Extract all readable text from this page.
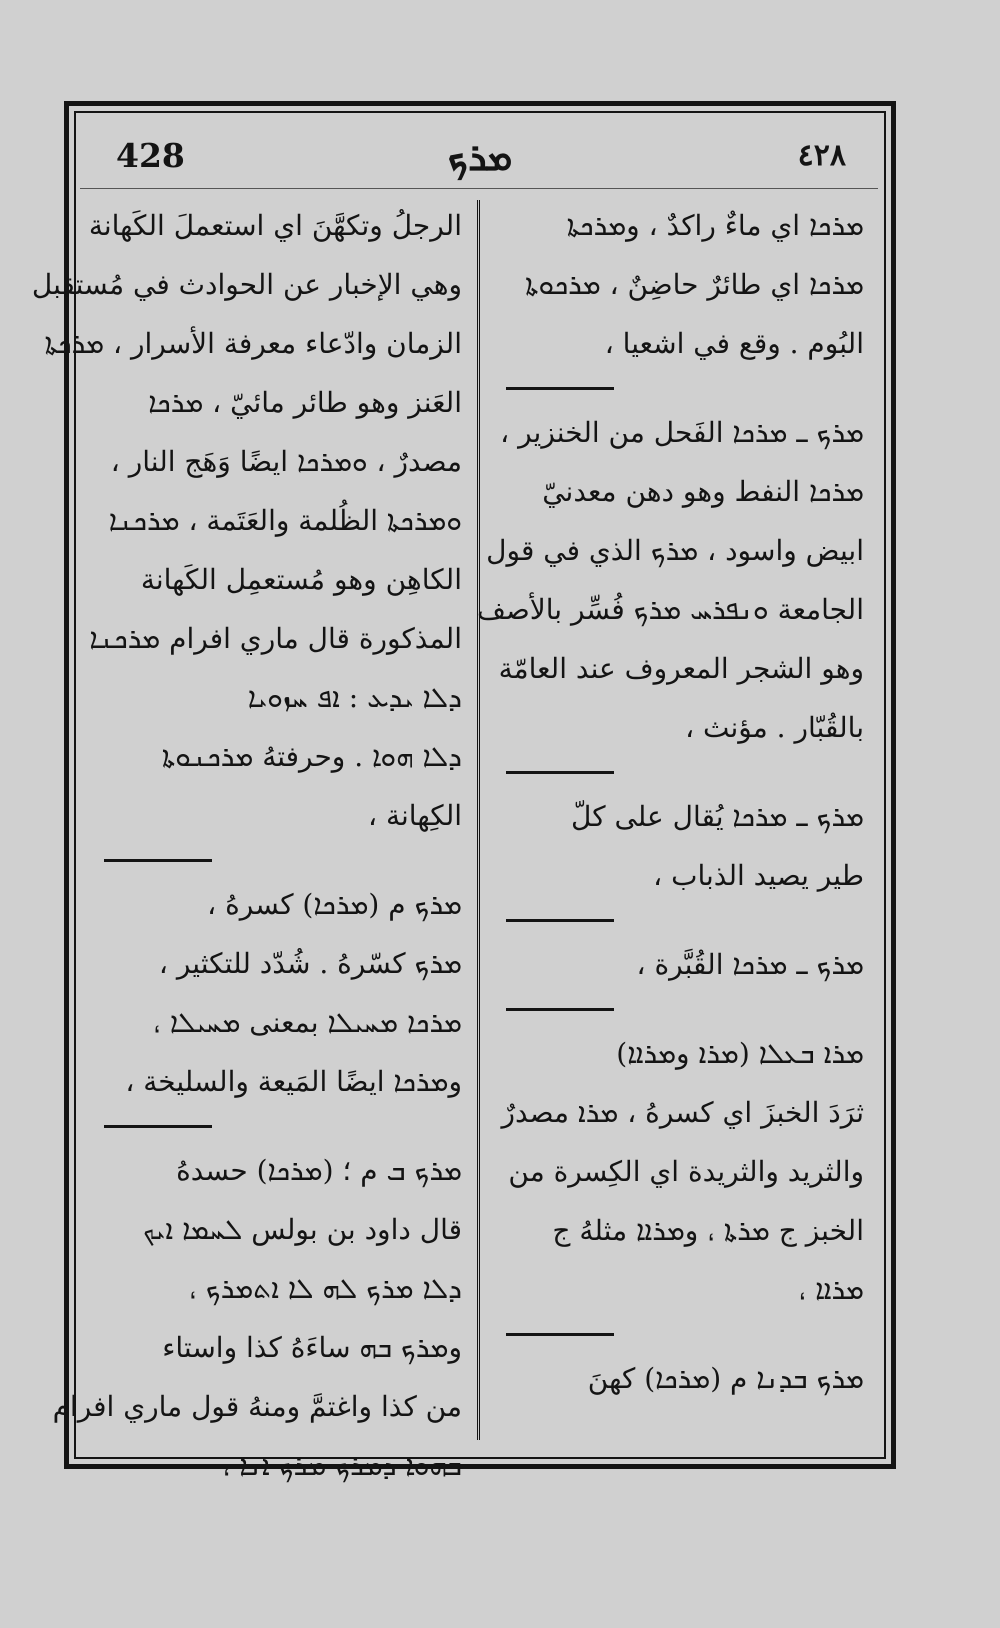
428	ܡܪܟ	٤٢٨
الرجلُ وتكهَّنَ اي استعملَ الكَهانة
وهي الإخبار عن الحوادث في مُستقبل
الزمان وادّعاء معرفة الأسرار ، ܡܪܟܬܐ
العَنز وهو طائر مائيّ ، ܡܪܟܐ
مصدرٌ ، ܘܡܪܟܐ ايضًا وَهَج النار ،
ܘܡܪܟܬܐ الظُلمة والعَتَمة ، ܡܪܟܢܐ
الكاهِن وهو مُستعمِل الكَهانة
المذكورة قال ماري افرام ܡܪܟܢܐ
ܕܠܐ ܝܕܥ : ܐܦ ܚܙܘܝܐ
ܕܠܐ ܗܘܐ . وحرفتهُ ܡܪܟܢܘܬܐ
الكِهانة ،
ܡܪܟ م (ܡܪܟܐ) كسرهُ ،
ܡܪܟ كسّرهُ . شُدّد للتكثير ،
ܡܪܟܐ ܡܚܝܠܐ بمعنى ܡܚܝܠܐ ،
وܡܪܟܐ ايضًا المَيعة والسليخة ،
ܡܪܟ ܒ م ؛ (ܡܪܟܐ) حسدهُ
قال داود بن بولس ܠܚܡܐ ܐܝܟ
ܕܠܐ ܡܪܟ ܠܗ ܠܐ ܐܬܡܪܟ ،
وܡܪܟ ܒܗ ساءَهُ كذا واستاء
من كذا واغتمَّ ومنهُ قول ماري افرام
ܒܗܘܐ ܕܡܪܟ ܡܪܟ ܐܢܐ ،
ܡܪܟܐ اي ماءٌ راكدٌ ، وܡܪܟܬܐ
ܡܪܟܐ اي طائرٌ حاضِنٌ ، ܡܪܟܘܬܐ
البُوم . وقع في اشعيا ،
ܡܪܟ ـ ܡܪܟܐ الفَحل من الخنزير ،
ܡܪܟܐ النفط وهو دهن معدنيّ
ابيض واسود ، ܡܪܟ الذي في قول
الجامعة ܘܢܦܪܚ ܡܪܟ فُسِّر بالأصف
وهو الشجر المعروف عند العامّة
بالقُبّار . مؤنث ،
ܡܪܟ ـ ܡܪܟܐ يُقال على كلّ
طير يصيد الذباب ،
ܡܪܟ ـ ܡܪܟܐ القُبَّرة ،
ܡܪܐ ܒܥܠܐ (ܡܪܐ وܡܪܐܐ)
ثرَدَ الخبزَ اي كسرهُ ، ܡܪܐ مصدرٌ
والثريد والثريدة اي الكِسرة من
الخبز ج ܡܪܬܐ ، وܡܪܐܐ مثلهُ ج
ܡܪܐܐ ،
ܡܪܟ ܒܕܢܐ م (ܡܪܟܐ) كهنَ
